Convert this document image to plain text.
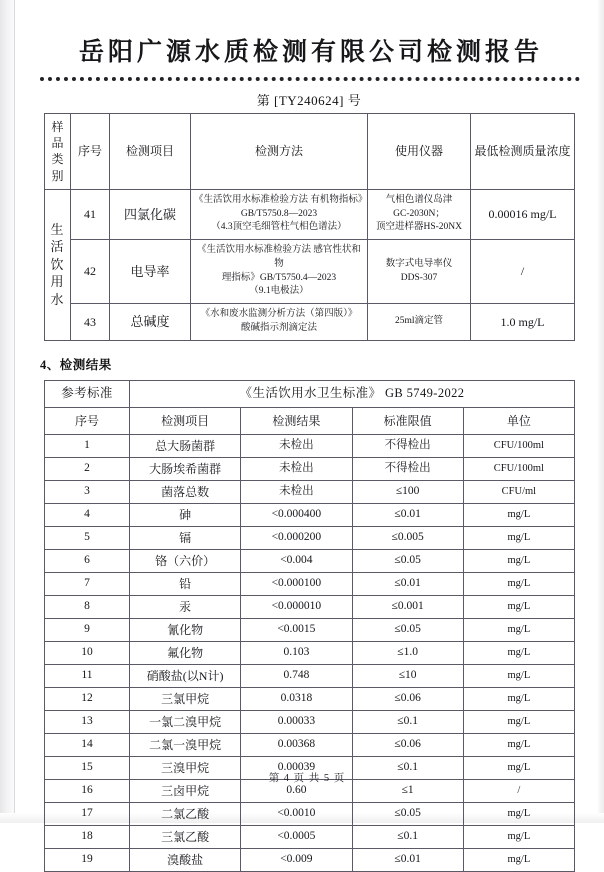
岳阳广源水质检测有限公司检测报告
第 [TY240624] 号
样品类别	序号	检测项目	检测方法	使用仪器	最低检测质量浓度
生活饮用水	41	四氯化碳	《生活饮用水标准检验方法 有机物指标》
GB/T5750.8—2023
（4.3顶空毛细管柱气相色谱法）	气相色谱仪岛津
GC-2030N；
顶空进样器HS-20NX	0.00016 mg/L
	42	电导率	《生活饮用水标准检验方法 感官性状和物
理指标》GB/T5750.4—2023
（9.1电极法）	数字式电导率仪
DDS-307	/
	43	总碱度	《水和废水监测分析方法（第四版）》
酸碱指示剂滴定法	25ml滴定管	1.0 mg/L
4、检测结果
参考标准	《生活饮用水卫生标准》 GB 5749-2022			
序号	检测项目	检测结果	标准限值	单位
1	总大肠菌群	未检出	不得检出	CFU/100ml
2	大肠埃希菌群	未检出	不得检出	CFU/100ml
3	菌落总数	未检出	≤100	CFU/ml
4	砷	<0.000400	≤0.01	mg/L
5	镉	<0.000200	≤0.005	mg/L
6	铬（六价）	<0.004	≤0.05	mg/L
7	铅	<0.000100	≤0.01	mg/L
8	汞	<0.000010	≤0.001	mg/L
9	氰化物	<0.0015	≤0.05	mg/L
10	氟化物	0.103	≤1.0	mg/L
11	硝酸盐(以N计)	0.748	≤10	mg/L
12	三氯甲烷	0.0318	≤0.06	mg/L
13	一氯二溴甲烷	0.00033	≤0.1	mg/L
14	二氯一溴甲烷	0.00368	≤0.06	mg/L
15	三溴甲烷	0.00039	≤0.1	mg/L
16	三卤甲烷	0.60	≤1	/
17	二氯乙酸	<0.0010	≤0.05	mg/L
18	三氯乙酸	<0.0005	≤0.1	mg/L
19	溴酸盐	<0.009	≤0.01	mg/L
第 4 页 共 5 页
